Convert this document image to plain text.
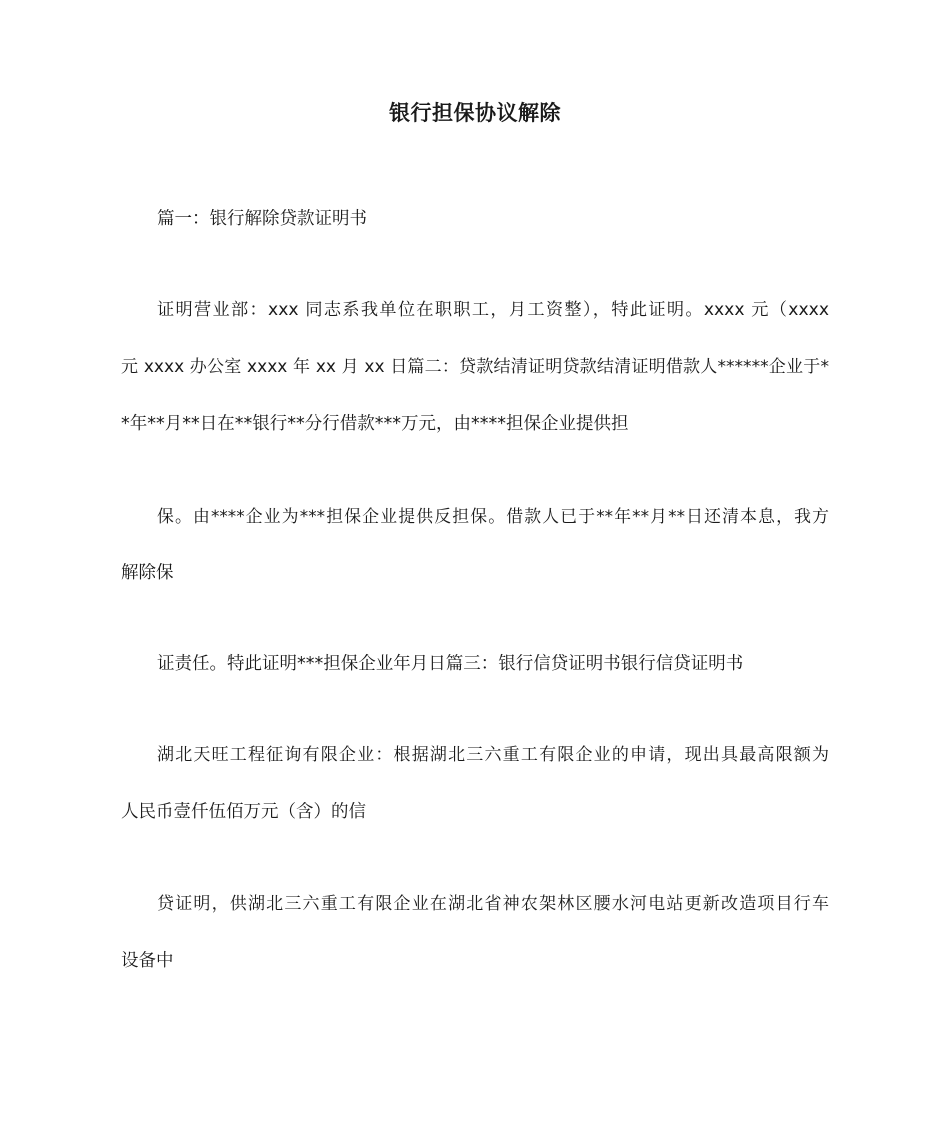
银行担保协议解除
篇一：银行解除贷款证明书
证明营业部：xxx 同志系我单位在职职工，月工资整），特此证明。xxxx 元（xxxx
元 xxxx 办公室 xxxx 年 xx 月 xx 日篇二：贷款结清证明贷款结清证明借款人******企业于*
*年**月**日在**银行**分行借款***万元，由****担保企业提供担
保。由****企业为***担保企业提供反担保。借款人已于**年**月**日还清本息，我方
解除保
证责任。特此证明***担保企业年月日篇三：银行信贷证明书银行信贷证明书
湖北天旺工程征询有限企业：根据湖北三六重工有限企业的申请，现出具最高限额为
人民币壹仟伍佰万元（含）的信
贷证明，供湖北三六重工有限企业在湖北省神农架林区腰水河电站更新改造项目行车
设备中
